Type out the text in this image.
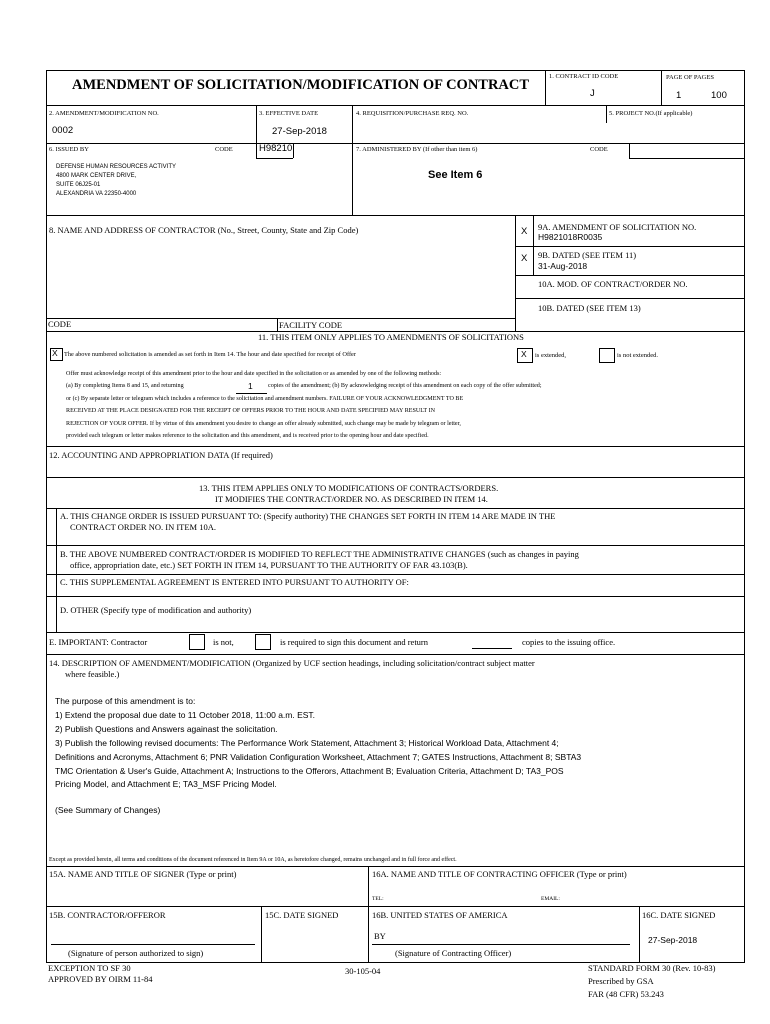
AMENDMENT OF SOLICITATION/MODIFICATION OF CONTRACT
1. CONTRACT ID CODE
J
PAGE OF PAGES
1	100
2. AMENDMENT/MODIFICATION NO.
0002
3. EFFECTIVE DATE
27-Sep-2018
4. REQUISITION/PURCHASE REQ. NO.	5. PROJECT NO.(If applicable)
6. ISSUED BY	CODE	H98210	7. ADMINISTERED BY (If other than item 6)	CODE
DEFENSE HUMAN RESOURCES ACTIVITY
4800 MARK CENTER DRIVE,
SUITE 06J25-01
ALEXANDRIA VA 22350-4000
See Item 6
8. NAME AND ADDRESS OF CONTRACTOR (No., Street, County, State and Zip Code)	X 9A. AMENDMENT OF SOLICITATION NO.
H9821018R0035
X 9B. DATED (SEE ITEM 11)
31-Aug-2018
10A. MOD. OF CONTRACT/ORDER NO.
10B. DATED (SEE ITEM 13)
CODE	FACILITY CODE
11. THIS ITEM ONLY APPLIES TO AMENDMENTS OF SOLICITATIONS
X The above numbered solicitation is amended as set forth in Item 14. The hour and date specified for receipt of Offer	X is extended,	is not extended.
Offer must acknowledge receipt of this amendment prior to the hour and date specified in the solicitation or as amended by one of the following methods:
(a) By completing Items 8 and 15, and returning	1	copies of the amendment; (b) By acknowledging receipt of this amendment on each copy of the offer submitted;
or (c) By separate letter or telegram which includes a reference to the solicitation and amendment numbers. FAILURE OF YOUR ACKNOWLEDGMENT TO BE
RECEIVED AT THE PLACE DESIGNATED FOR THE RECEIPT OF OFFERS PRIOR TO THE HOUR AND DATE SPECIFIED MAY RESULT IN
REJECTION OF YOUR OFFER. If by virtue of this amendment you desire to change an offer already submitted, such change may be made by telegram or letter,
provided each telegram or letter makes reference to the solicitation and this amendment, and is received prior to the opening hour and date specified.
12. ACCOUNTING AND APPROPRIATION DATA (If required)
13. THIS ITEM APPLIES ONLY TO MODIFICATIONS OF CONTRACTS/ORDERS.
IT MODIFIES THE CONTRACT/ORDER NO. AS DESCRIBED IN ITEM 14.
A. THIS CHANGE ORDER IS ISSUED PURSUANT TO: (Specify authority) THE CHANGES SET FORTH IN ITEM 14 ARE MADE IN THE
CONTRACT ORDER NO. IN ITEM 10A.
B. THE ABOVE NUMBERED CONTRACT/ORDER IS MODIFIED TO REFLECT THE ADMINISTRATIVE CHANGES (such as changes in paying
office, appropriation date, etc.) SET FORTH IN ITEM 14, PURSUANT TO THE AUTHORITY OF FAR 43.103(B).
C. THIS SUPPLEMENTAL AGREEMENT IS ENTERED INTO PURSUANT TO AUTHORITY OF:
D. OTHER (Specify type of modification and authority)
E. IMPORTANT: Contractor	is not,	is required to sign this document and return	copies to the issuing office.
14. DESCRIPTION OF AMENDMENT/MODIFICATION (Organized by UCF section headings, including solicitation/contract subject matter
where feasible.)
The purpose of this amendment is to:
1) Extend the proposal due date to 11 October 2018, 11:00 a.m. EST.
2) Publish Questions and Answers againast the solicitation.
3) Publish the following revised documents: The Performance Work Statement, Attachment 3; Historical Workload Data, Attachment 4;
Definitions and Acronyms, Attachment 6; PNR Validation Configuration Worksheet, Attachment 7; GATES Instructions, Attachment 8; SBTA3
TMC Orientation & User's Guide, Attachment A; Instructions to the Offerors, Attachment B; Evaluation Criteria, Attachment D; TA3_POS
Pricing Model, and Attachment E; TA3_MSF Pricing Model.
(See Summary of Changes)
Except as provided herein, all terms and conditions of the document referenced in Item 9A or 10A, as heretofore changed, remains unchanged and in full force and effect.
15A. NAME AND TITLE OF SIGNER (Type or print)	16A. NAME AND TITLE OF CONTRACTING OFFICER (Type or print)
TEL:	EMAIL:
15B. CONTRACTOR/OFFEROR	15C. DATE SIGNED	16B. UNITED STATES OF AMERICA	16C. DATE SIGNED
BY	27-Sep-2018
(Signature of person authorized to sign)	(Signature of Contracting Officer)
EXCEPTION TO SF 30
APPROVED BY OIRM 11-84
30-105-04	STANDARD FORM 30 (Rev. 10-83)
Prescribed by GSA
FAR (48 CFR) 53.243
